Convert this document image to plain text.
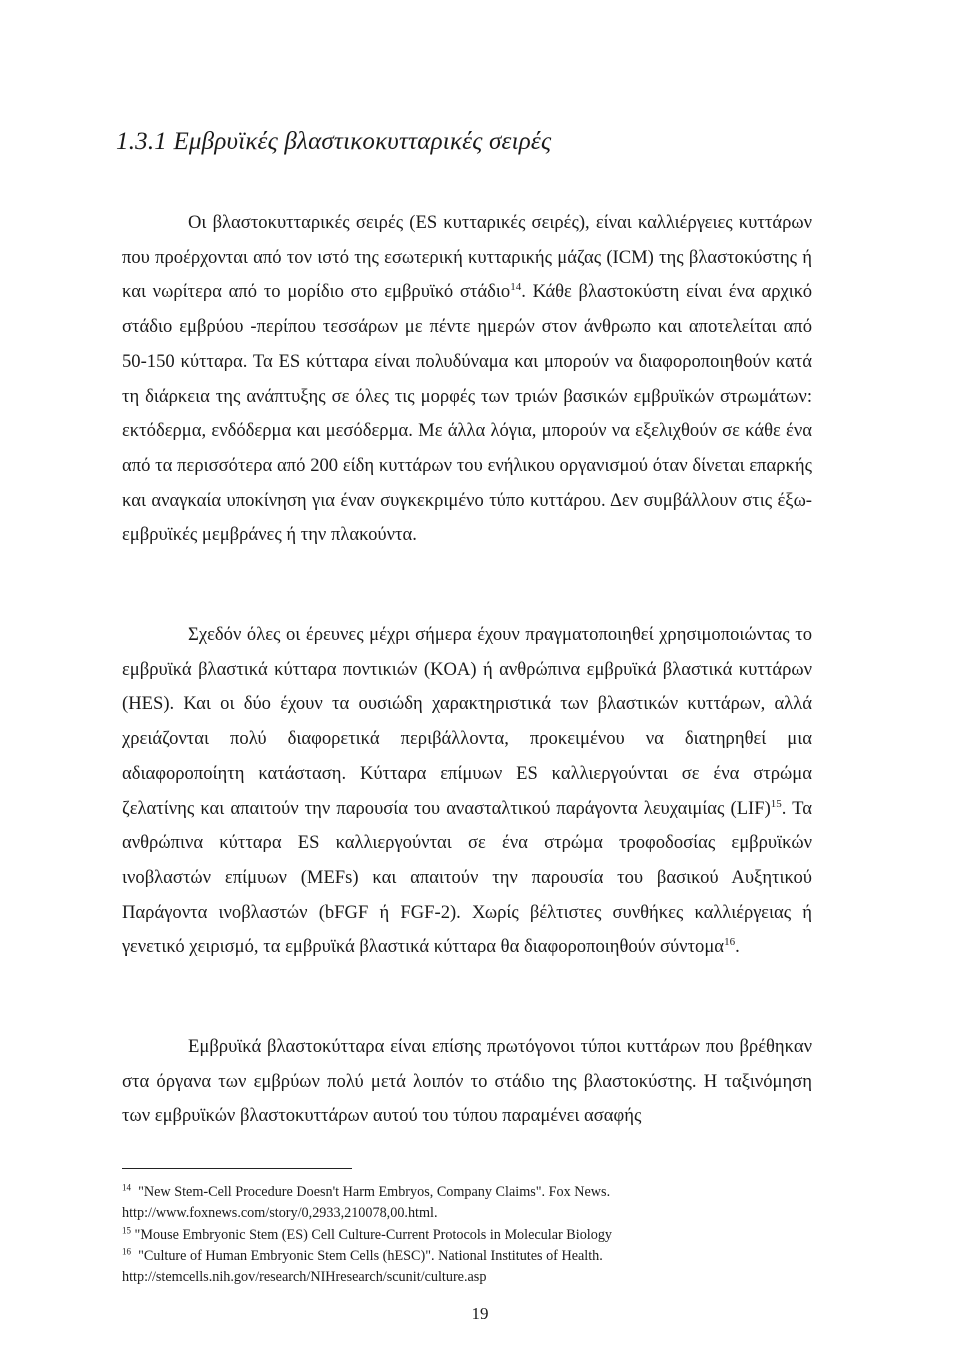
1.3.1 Εμβρυϊκές βλαστικοκυτταρικές σειρές

Οι βλαστοκυτταρικές σειρές (ES κυτταρικές σειρές), είναι καλλιέργειες κυττάρων που προέρχονται από τον ιστό της εσωτερική κυτταρικής μάζας (ICM) της βλαστοκύστης ή και νωρίτερα από το μορίδιο στο εμβρυϊκό στάδιο$^{14}$. Κάθε βλαστοκύστη είναι ένα αρχικό στάδιο εμβρύου -περίπου τεσσάρων με πέντε ημερών στον άνθρωπο και αποτελείται από 50-150 κύτταρα. Τα ES κύτταρα είναι πολυδύναμα και μπορούν να διαφοροποιηθούν κατά τη διάρκεια της ανάπτυξης σε όλες τις μορφές των τριών βασικών εμβρυϊκών στρωμάτων: εκτόδερμα, ενδόδερμα και μεσόδερμα. Με άλλα λόγια, μπορούν να εξελιχθούν σε κάθε ένα από τα περισσότερα από 200 είδη κυττάρων του ενήλικου οργανισμού όταν δίνεται επαρκής και αναγκαία υποκίνηση για έναν συγκεκριμένο τύπο κυττάρου. Δεν συμβάλλουν στις έξω-εμβρυϊκές μεμβράνες ή την πλακούντα.

Σχεδόν όλες οι έρευνες μέχρι σήμερα έχουν πραγματοποιηθεί χρησιμοποιώντας το εμβρυϊκά βλαστικά κύτταρα ποντικιών (KOA) ή ανθρώπινα εμβρυϊκά βλαστικά κυττάρων (HES). Και οι δύο έχουν τα ουσιώδη χαρακτηριστικά των βλαστικών κυττάρων, αλλά χρειάζονται πολύ διαφορετικά περιβάλλοντα, προκειμένου να διατηρηθεί μια αδιαφοροποίητη κατάσταση. Κύτταρα επίμυων ES καλλιεργούνται σε ένα στρώμα ζελατίνης και απαιτούν την παρουσία του ανασταλτικού παράγοντα λευχαιμίας (LIF)$^{15}$. Τα ανθρώπινα κύτταρα ES καλλιεργούνται σε ένα στρώμα τροφοδοσίας εμβρυϊκών ινοβλαστών επίμυων (MEFs) και απαιτούν την παρουσία του βασικού Αυξητικού Παράγοντα ινοβλαστών (bFGF ή FGF-2). Χωρίς βέλτιστες συνθήκες καλλιέργειας ή γενετικό χειρισμό, τα εμβρυϊκά βλαστικά κύτταρα θα διαφοροποιηθούν σύντομα$^{16}$.

Εμβρυϊκά βλαστοκύτταρα είναι επίσης πρωτόγονοι τύποι κυττάρων που βρέθηκαν στα όργανα των εμβρύων πολύ μετά λοιπόν το στάδιο της βλαστοκύστης. Η ταξινόμηση των εμβρυϊκών βλαστοκυττάρων αυτού του τύπου παραμένει ασαφής

$^{14}$ "New Stem-Cell Procedure Doesn't Harm Embryos, Company Claims". Fox News.
http://www.foxnews.com/story/0,2933,210078,00.html.

$^{15}$ "Mouse Embryonic Stem (ES) Cell Culture-Current Protocols in Molecular Biology

$^{16}$ "Culture of Human Embryonic Stem Cells (hESC)". National Institutes of Health.
http://stemcells.nih.gov/research/NIHresearch/scunit/culture.asp

19
